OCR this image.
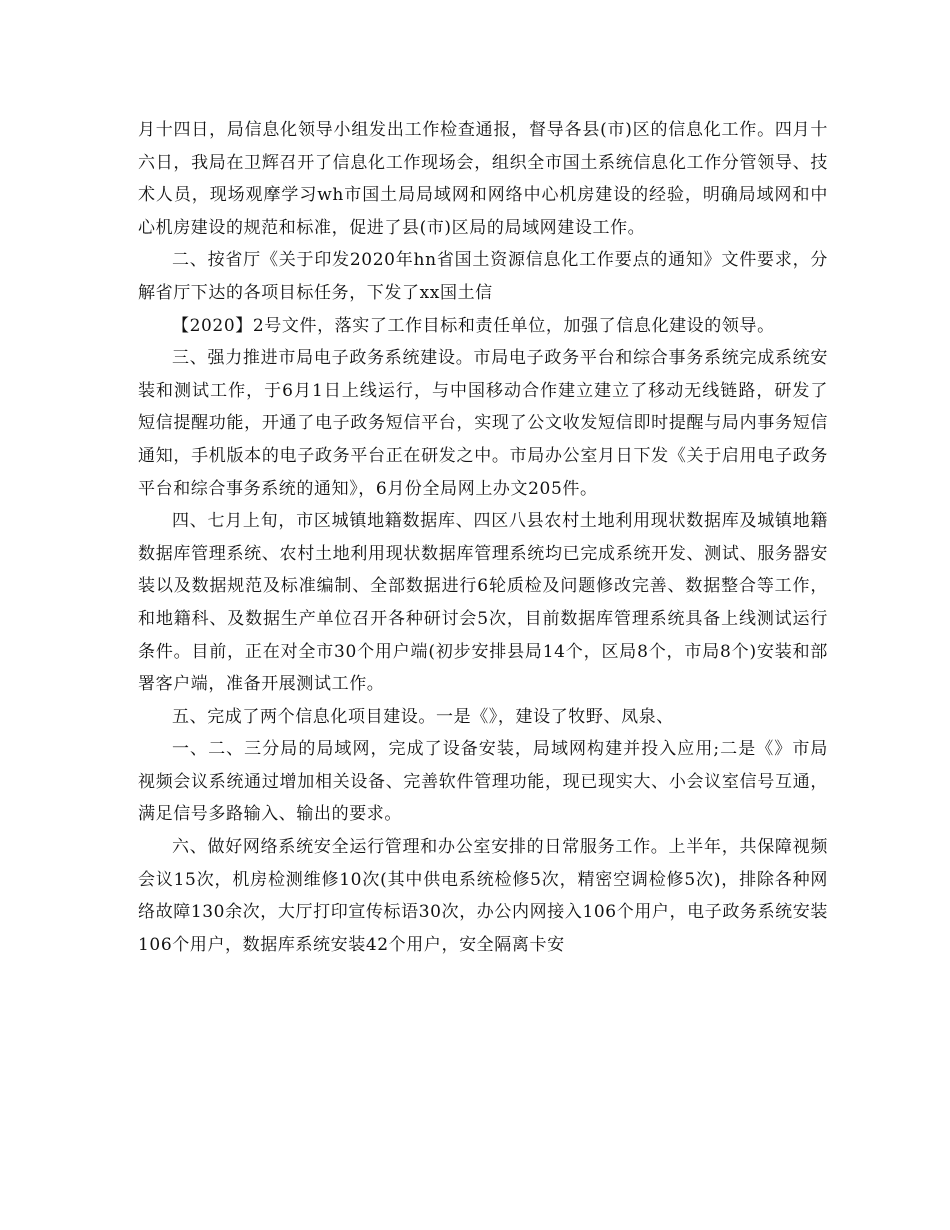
月十四日，局信息化领导小组发出工作检查通报，督导各县(市)区的信息化工作。四月十六日，我局在卫辉召开了信息化工作现场会，组织全市国土系统信息化工作分管领导、技术人员，现场观摩学习wh市国土局局域网和网络中心机房建设的经验，明确局域网和中心机房建设的规范和标准，促进了县(市)区局的局域网建设工作。

二、按省厅《关于印发2020年hn省国土资源信息化工作要点的通知》文件要求，分解省厅下达的各项目标任务，下发了xx国土信

【2020】2号文件，落实了工作目标和责任单位，加强了信息化建设的领导。

三、强力推进市局电子政务系统建设。市局电子政务平台和综合事务系统完成系统安装和测试工作，于6月1日上线运行，与中国移动合作建立建立了移动无线链路，研发了短信提醒功能，开通了电子政务短信平台，实现了公文收发短信即时提醒与局内事务短信通知，手机版本的电子政务平台正在研发之中。市局办公室月日下发《关于启用电子政务平台和综合事务系统的通知》，6月份全局网上办文205件。

四、七月上旬，市区城镇地籍数据库、四区八县农村土地利用现状数据库及城镇地籍数据库管理系统、农村土地利用现状数据库管理系统均已完成系统开发、测试、服务器安装以及数据规范及标准编制、全部数据进行6轮质检及问题修改完善、数据整合等工作，和地籍科、及数据生产单位召开各种研讨会5次，目前数据库管理系统具备上线测试运行条件。目前，正在对全市30个用户端(初步安排县局14个，区局8个，市局8个)安装和部署客户端，准备开展测试工作。

五、完成了两个信息化项目建设。一是《》，建设了牧野、凤泉、

一、二、三分局的局域网，完成了设备安装，局域网构建并投入应用;二是《》市局视频会议系统通过增加相关设备、完善软件管理功能，现已现实大、小会议室信号互通，满足信号多路输入、输出的要求。

六、做好网络系统安全运行管理和办公室安排的日常服务工作。上半年，共保障视频会议15次，机房检测维修10次(其中供电系统检修5次，精密空调检修5次)，排除各种网络故障130余次，大厅打印宣传标语30次，办公内网接入106个用户，电子政务系统安装106个用户，数据库系统安装42个用户，安全隔离卡安
